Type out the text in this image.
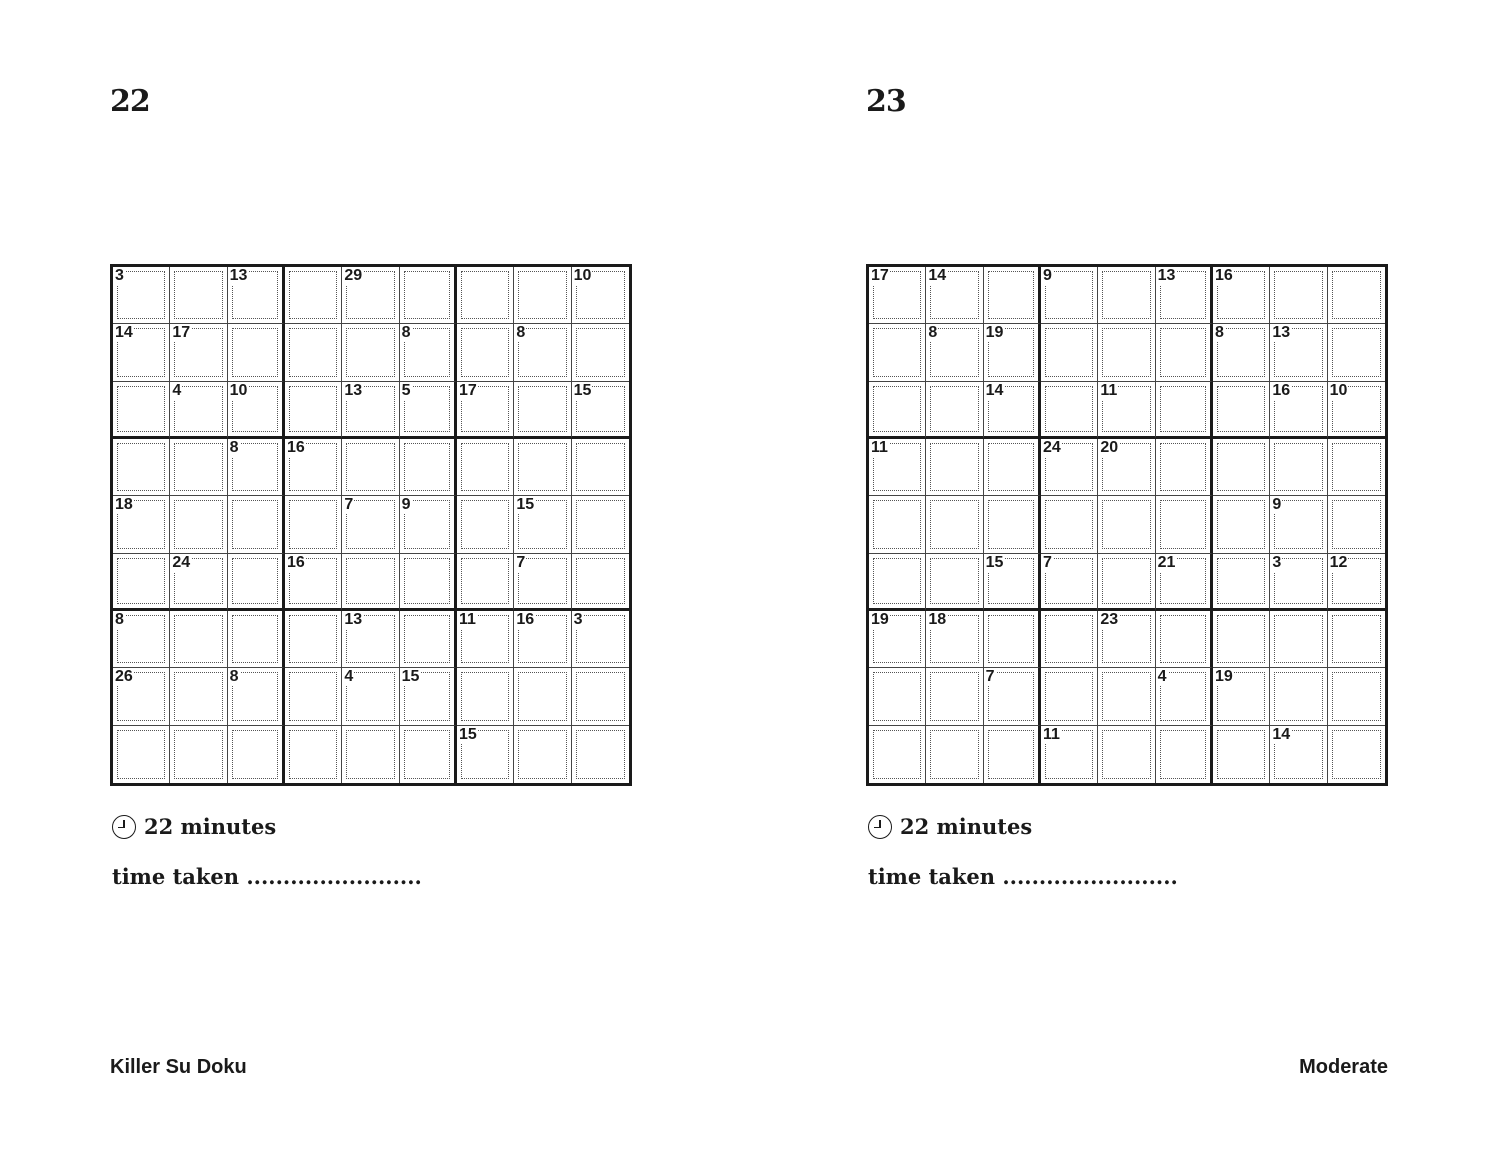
22
3	13	29	10
14 17	8	8
4	10	13 5	17	15
8	16
18	7	9	15
24	16	7
8	13	11	16 3
26	8	4	15
15
22 minutes
time taken ........................
23
17 14	9	13 16
8	19	8	13
14	11	16 10
11	24 20
9
15 7	21	3	12
19 18	23
7	4	19
11	14
22 minutes
time taken ........................
Killer Su Doku	Moderate
